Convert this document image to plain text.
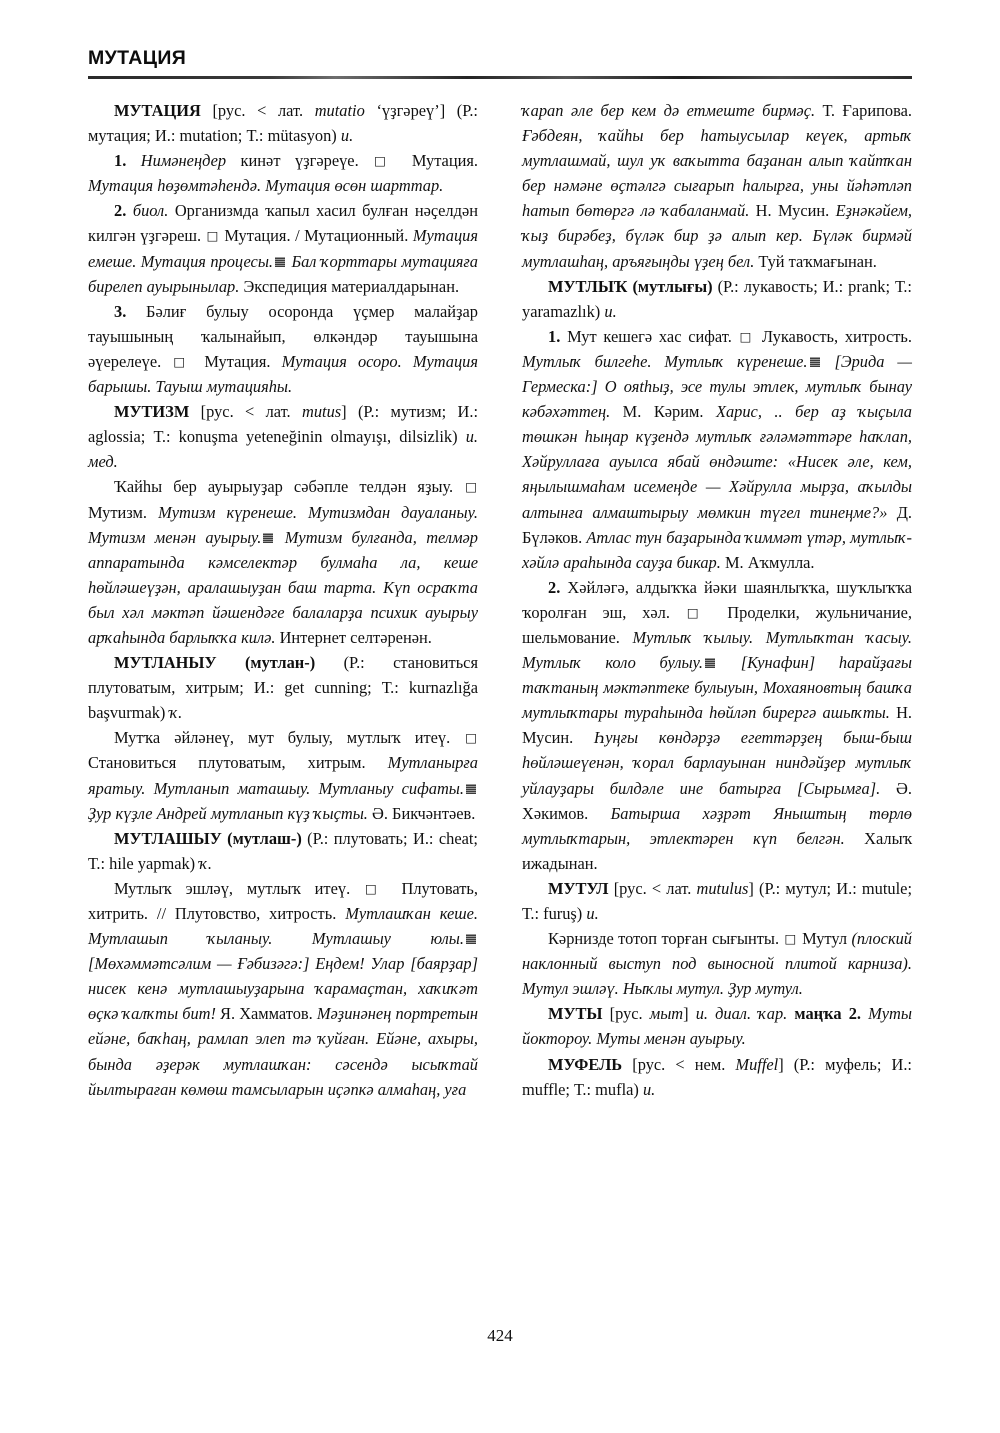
МУТАЦИЯ

МУТАЦИЯ [рус. < лат. mutatio ‘үҙгәреү’] (Р.: мутация; И.: mutation; Т.: mütasyon) и.

1. Нимәнеңдер кинәт үҙгәреүе. □ Мутация. Мутация һөҙөмтәһендә. Мутация өсөн шарттар.

2. биол. Организмда ҡапыл хасил булған нәҫелдән килгән үҙгәреш. □ Мутация. / Мутационный. Мутация емеше. Мутация процесы. Бал ҡорттары мутацияға бирелеп ауырынылар. Экспедиция материалдарынан.

3. Бәлиғ булыу осоронда үҫмер малайҙар тауышының ҡалынайып, өлкәндәр тауышына әүерелеүе. □ Мутация. Мутация осоро. Мутация барышы. Тауыш мутацияһы.

МУТИЗМ [рус. < лат. mutus] (Р.: мутизм; И.: aglossia; Т.: konuşma yeteneğinin olmayışı, dilsizlik) и. мед.

Ҡайһы бер ауырыуҙар сәбәпле телдән яҙыу. □ Мутизм. Мутизм күренеше. Мутизмдан дауаланыу. Мутизм менән ауырыу. Мутизм булғанда, телмәр аппаратында кәмселектәр булмаһа ла, кеше һөйләшеүҙән, аралашыуҙан баш тарта. Күп осраҡта был хәл мәктәп йәшендәге балаларҙа психик ауырыу арҡаһында барлыҡҡа килә. Интернет селтәренән.

МУТЛАНЫУ (мутлан-) (Р.: становиться плутоватым, хитрым; И.: get cunning; Т.: kurnazlığa başvurmak) ҡ.

Мутҡа әйләнеү, мут булыу, мутлыҡ итеү. □ Становиться плутоватым, хитрым. Мутланырға яратыу. Мутланып маташыу. Мутланыу сифаты. Ҙур күҙле Андрей мутланып күҙ ҡыҫты. Ә. Бикчәнтәев.

МУТЛАШЫУ (мутлаш-) (Р.: плутовать; И.: cheat; Т.: hile yapmak) ҡ.

Мутлыҡ эшләү, мутлыҡ итеү. □ Плутовать, хитрить. // Плутовство, хитрость. Мутлашҡан кеше. Мутлашып ҡыланыу. Мутлашыу юлы. [Мөхәммәтсәлим — Ғәбизәгә:] Еңдем! Улар [баярҙар] нисек кенә мутлашыуҙарына ҡарамаҫтан, хаҡиҡәт өҫкә ҡалҡты бит! Я. Хамматов. Мәҙинәнең портретын ейәне, баҡһаң, рамлап элеп тә ҡуйған. Ейәне, ахыры, бында әҙерәк мутлашҡан: сәсендә ысыҡтай йылтыраған көмөш тамсыларын иҫәпкә алмаһаң, уға

ҡарап әле бер кем дә етмеште бирмәҫ. Т. Ғарипова. Ғәбдеян, ҡайһы бер һатыусылар кеүек, артыҡ мутлашмай, шул уҡ ваҡытта баҙанан алып ҡайтҡан бер нәмәне өҫтәлгә сығарып һалырға, уны йәһәтләп һатып бөтөргә лә ҡабаланмай. Н. Мусин. Еҙнәкәйем, ҡыҙ бирәбеҙ, бүләк бир ҙә алып кер. Бүләк бирмәй мутлашһаң, аръяғыңды үҙең бел. Туй таҡмағынан.

МУТЛЫҠ (мутлығы) (Р.: лукавость; И.: prank; Т.: yaramazlık) и.

1. Мут кешегә хас сифат. □ Лукавость, хитрость. Мутлыҡ билгеһе. Мутлыҡ күренеше. [Эрида — Гермеска:] О ояthыҙ, эсе тулы этлек, мутлыҡ бынау кәбәхәттең. М. Кәрим. Харис, .. бер аҙ ҡыҫыла төшкән һыңар күҙендә мутлыҡ ғәләмәттәре һаҡлап, Хәйруллаға ауылса ябай өндәште: «Нисек әле, кем, яңылышмаһам исемеңде — Хәйрулла мырҙа, аҡылды алтынға алмаштырыу мөмкин түгел тинеңме?» Д. Бүләков. Атлас тун баҙарында ҡиммәт үтәр, мутлыҡ-хәйлә араһында сауҙа бикар. М. Аҡмулла.

2. Хәйләгә, алдыҡҡа йәки шаянлыҡҡа, шуҡлыҡҡа ҡоролған эш, хәл. □ Проделки, жульничание, шельмование. Мутлыҡ ҡылыу. Мутлыҡтан ҡасыу. Мутлыҡ коло булыу. [Кунафин] һарайҙағы таҡтаның мәктәптеке булыуын, Мохаяновтың башҡа мутлыҡтары тураһында һөйләп бирергә ашыҡты. Н. Мусин. Һуңғы көндәрҙә егеттәрҙең быш-быш һөйләшеүенән, ҡорал барлауынан ниндәйҙер мутлыҡ уйлауҙары билдәле ине батырға [Сырымға]. Ә. Хәкимов. Батырша хәҙрәт Яныштың төрлө мутлыҡтарын, этлектәрен күп белгән. Халыҡ ижадынан.

МУТУЛ [рус. < лат. mutulus] (Р.: мутул; И.: mutule; Т.: furuş) и.

Кәрнизде тотоп торған сығынты. □ Мутул (плоский наклонный выступ под выносной плитой карниза). Мутул эшләү. Ныҡлы мутул. Ҙур мутул.

МУТЫ [рус. мыт] и. диал. ҡар. маңҡа 2. Муты йоктороу. Муты менән ауырыу.

МУФЕЛЬ [рус. < нем. Muffel] (Р.: муфель; И.: muffle; Т.: mufla) и.

424
